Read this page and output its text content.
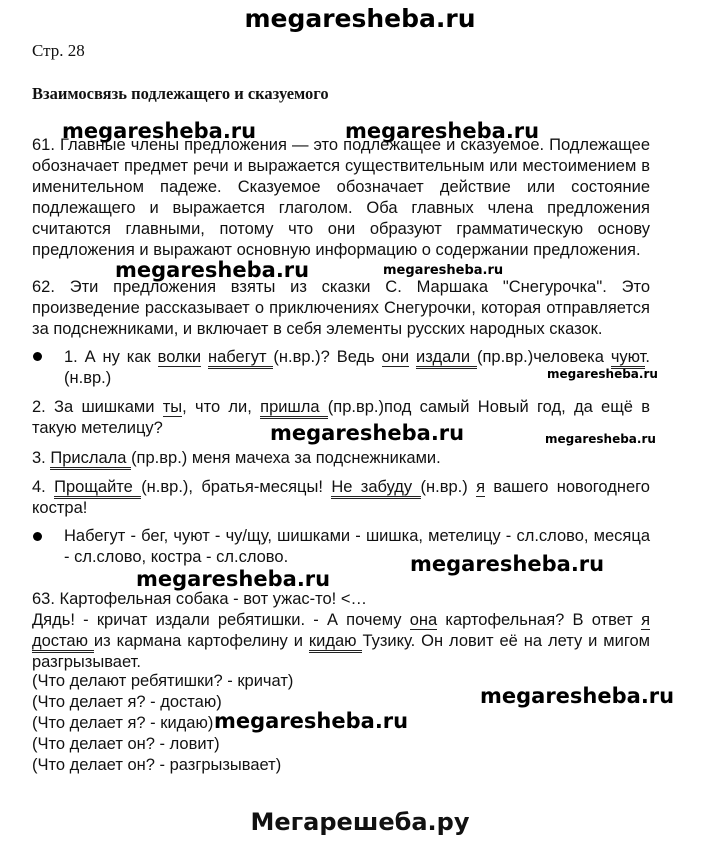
megaresheba.ru
Стр. 28
Взаимосвязь подлежащего и сказуемого
megaresheba.ru	megaresheba.ru
megaresheba.ru	megaresheba.ru
megaresheba.ru
megaresheba.ru	megaresheba.ru
megaresheba.ru
megaresheba.ru
megaresheba.ru
megaresheba.ru
61. Главные члены предложения — это подлежащее и сказуемое. Подлежащее обозначает предмет речи и выражается существительным или местоимением в именительном падеже. Сказуемое обозначает действие или состояние подлежащего и выражается глаголом. Оба главных члена предложения считаются главными, потому что они образуют грамматическую основу предложения и выражают основную информацию о содержании предложения.
62. Эти предложения взяты из сказки С. Маршака "Снегурочка". Это произведение рассказывает о приключениях Снегурочки, которая отправляется за подснежниками, и включает в себя элементы русских народных сказок.
1. А ну как волки набегут (н.вр.)? Ведь они издали (пр.вр.)человека чуют.(н.вр.)
2. За шишками ты, что ли, пришла (пр.вр.)под самый Новый год, да ещё в такую метелицу?
3. Прислала (пр.вр.) меня мачеха за подснежниками.
4. Прощайте (н.вр.), братья-месяцы! Не забуду (н.вр.) я вашего новогоднего костра!
Набегут - бег, чуют - чу/щу, шишками - шишка, метелицу - сл.слово, месяца - сл.слово, костра - сл.слово.
63. Картофельная собака - вот ужас-то! <…
Дядь! - кричат издали ребятишки. - А почему она картофельная? В ответ я достаю из кармана картофелину и кидаю Тузику. Он ловит её на лету и мигом разгрызывает.
(Что делают ребятишки? - кричат)
(Что делает я? - достаю)
(Что делает я? - кидаю)
(Что делает он? - ловит)
(Что делает он? - разгрызывает)
Мегарешеба.ру
